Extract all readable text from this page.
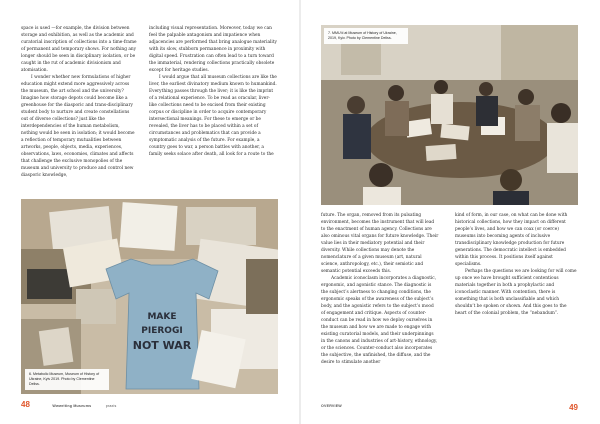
space is used —for example, the division between storage and exhibition, as well as the academic and curatorial inscription of collections into a time-frame of permanent and temporary shows. For nothing any longer should be seen in disciplinary isolation, or be caught in the rut of academic divisionism and atomisation.

I wonder whether new formulations of higher education might extend more aggressively across the museum, the art school and the university? Imagine how storage depots could become like a greenhouse for the diasporic and trans-disciplinary student body to nurture and create constellations out of diverse collections? just like the interdependencies of the human metabolism, nothing would be seen in isolation; it would become a reflection of temporary mutualities between artworks, people, objects, media, experiences, observations, laws, economies, climates and affects that challenge the exclusive monopolies of the museum and university to produce and control new diasporic knowledge,

including visual representation. Moreover, today we can feel the palpable antagonism and impatience when adjacencies are performed that bring analogue materiality with its slow, stubborn permanence in proximity with digital speed. Frustration can often lead to a turn toward the immaterial, rendering collections practically obsolete except for heritage studies.

I would argue that all museum collections are like the liver, the earliest divinatory medium known to humankind. Everything passes through the liver; it is like the imprint of a relational experience. To be read as oracular, liver-like collections need to be excised from their existing corpus or discipline in order to acquire contemporary intersectional meanings. For these to emerge or be revealed, the liver has to be placed within a set of circumstances and problematics that can provide a symptomatic analysis of the future. For example, a country goes to war, a person battles with another, a family seeks solace after death, all look for a route to the

MAKE
PIEROGI
NOT WAR
6. Metabolic Museum, Museum of History of Ukraine, Kyiv 2019. Photo by Clementine Deliss.
48	Wwwriting Museums	praxis
7. MMU’d at Museum of History of Ukraine, 2019, Kyiv. Photo by Clementine Deliss.

future. The organ, removed from its pulsating environment, becomes the instrument that will lead to the enactment of human agency. Collections are also ominous vital organs for future knowledge. Their value lies in their mediatory potential and their diversity. While collections may denote the nomenclature of a given museum (art, natural science, anthropology, etc.), their semiotic and semantic potential exceeds this.

Academic iconoclasm incorporates a diagnostic, ergonomic, and agonistic stance. The diagnostic is the subject’s alertness to changing conditions, the ergonomic speaks of the awareness of the subject’s body, and the agonistic refers to the subject’s mood of engagement and critique. Aspects of counter-conduct can be read in how we deploy ourselves in the museum and how we are made to engage with existing curatorial models, and their underpinnings in the canons and industries of art-history, ethnology, or the sciences. Counter-conduct also incorporates the subjective, the unfinished, the diffuse, and the desire to stimulate another

kind of form, in our case, on what can be done with historical collections, how they impact on different people’s lives, and how we can coax (or coerce) museums into becoming agents of inclusive transdisciplinary knowledge production for future generations. The democratic intellect is embedded within this process. It positions itself against specialisms.

Perhaps the questions we are looking for will come up once we have brought sufficient contentious materials together in both a prophylactic and iconoclastic manner. With contention, there is something that is both unclassifiable and which shouldn’t be spoken or shown. And this goes to the heart of the colonial problem, the “nebandum”.

OVERVIEW	49
